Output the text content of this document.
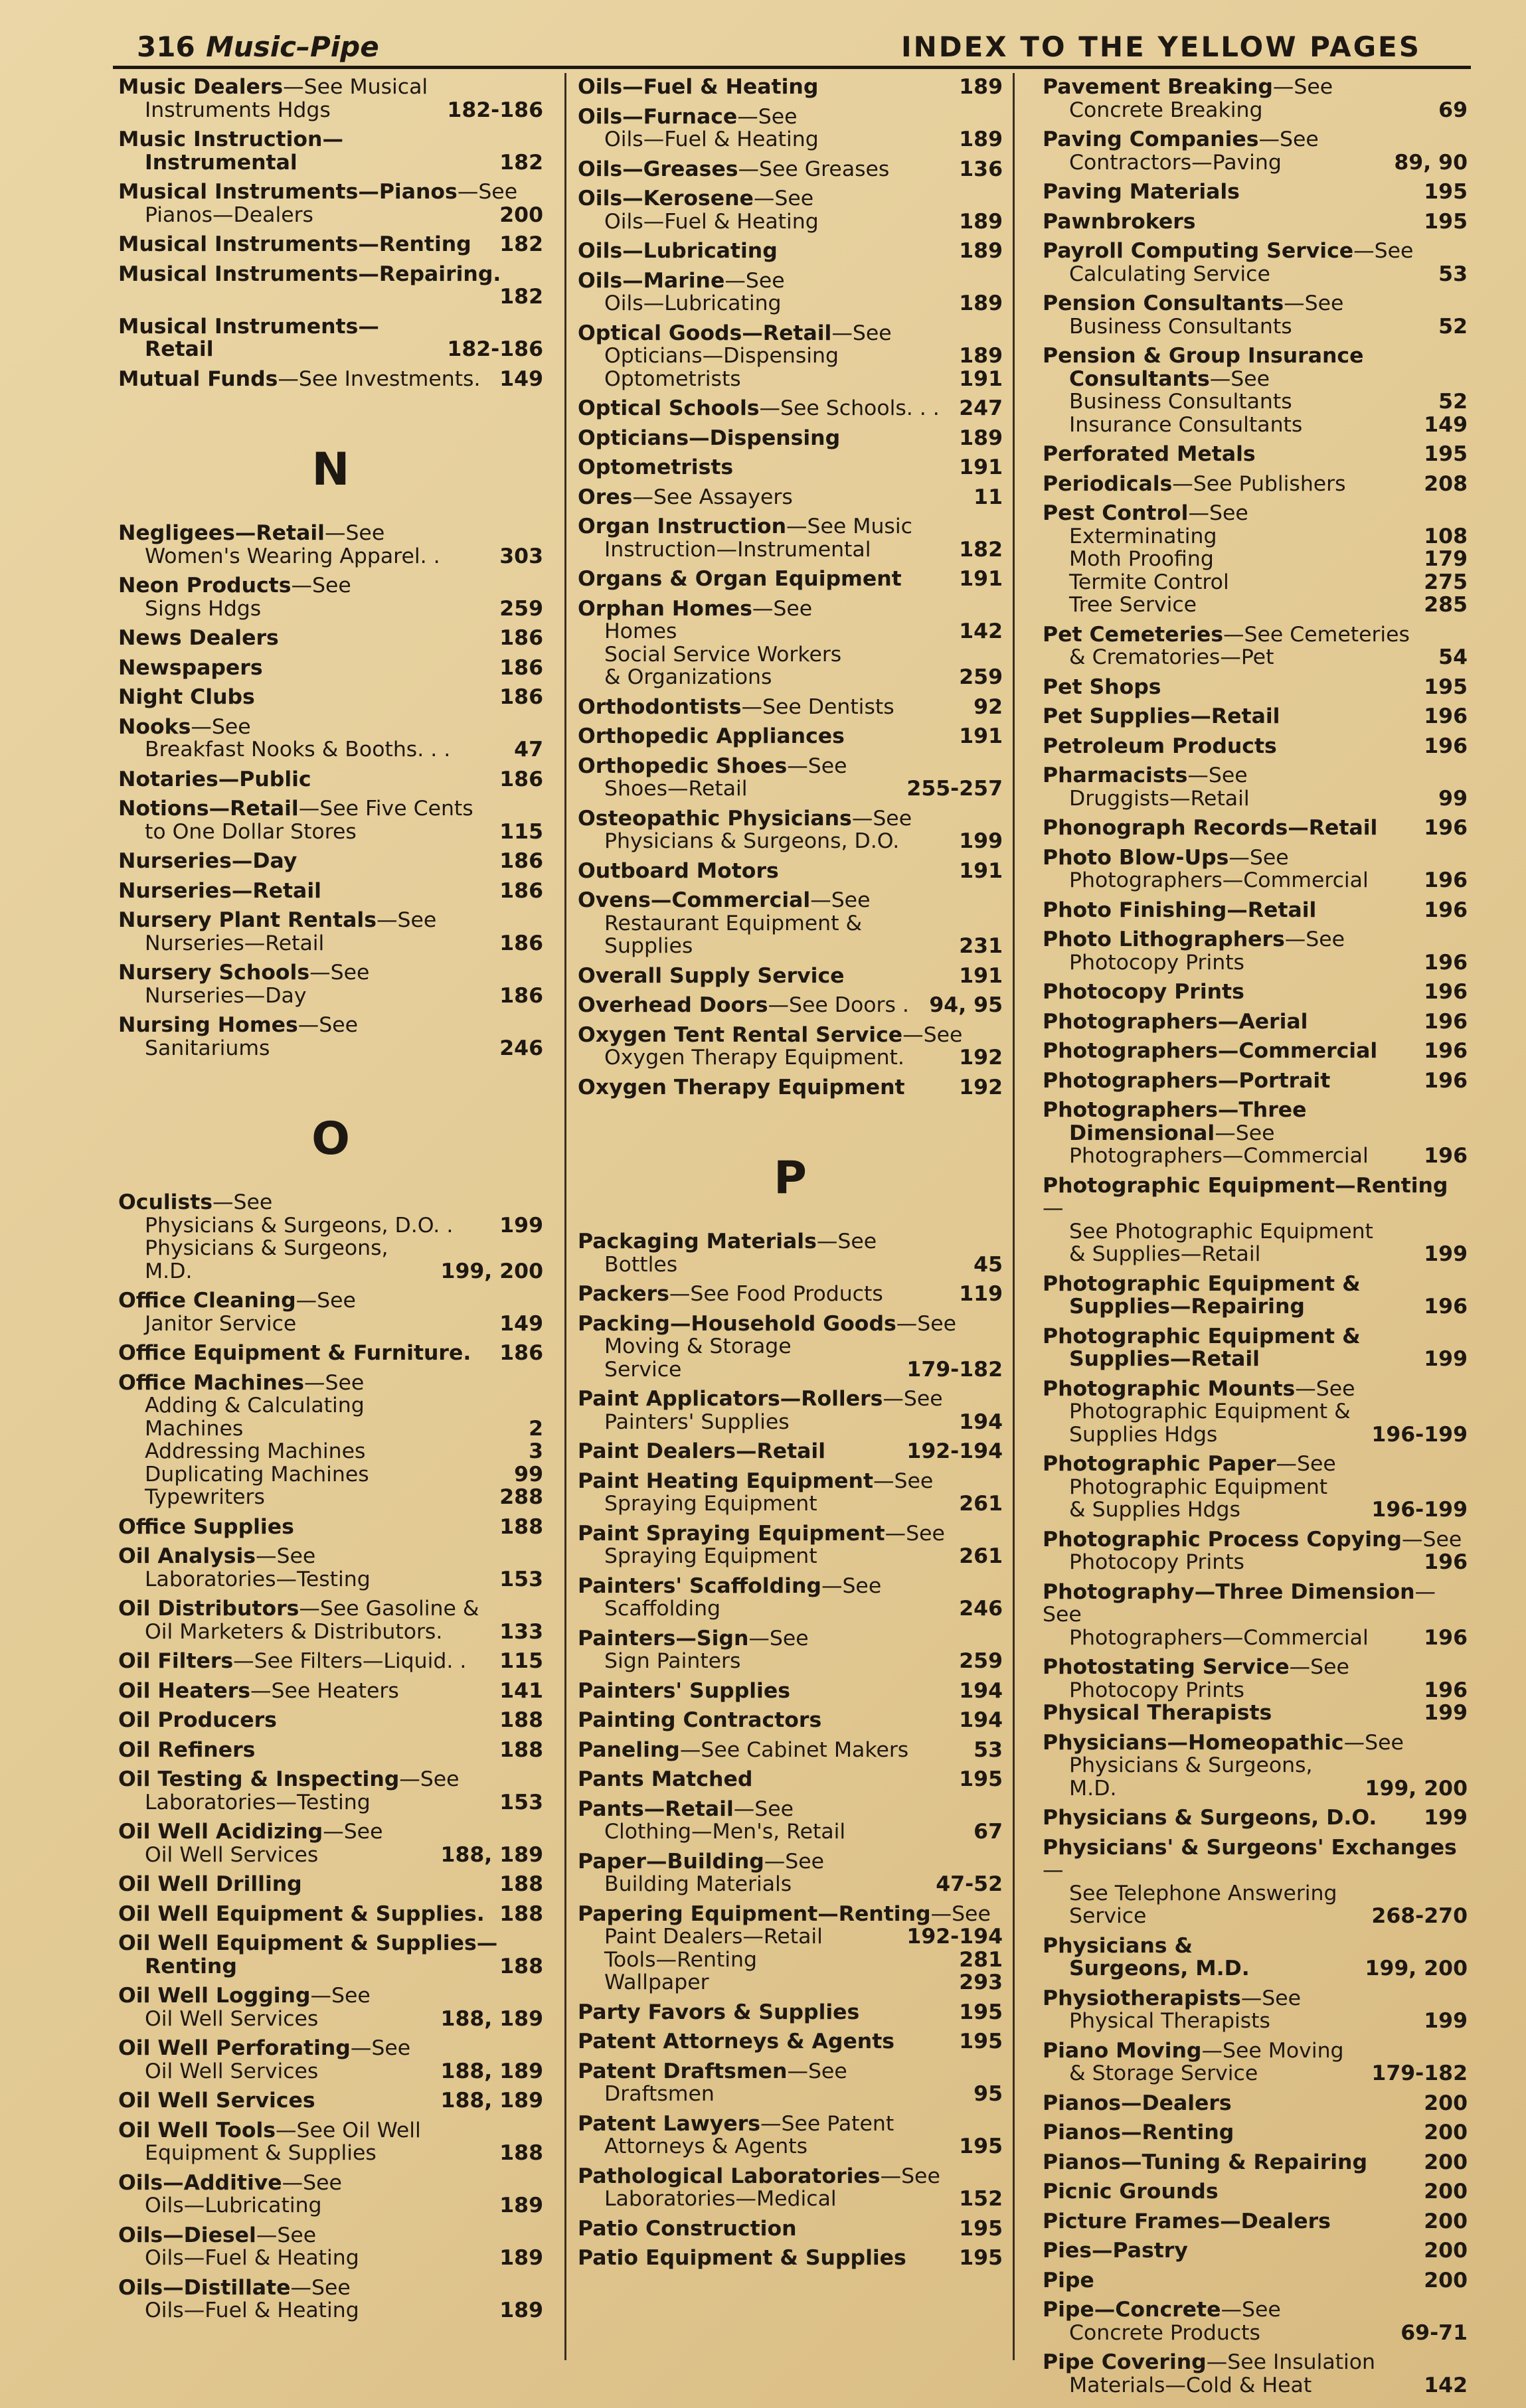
316 Music–Pipe	INDEX TO THE YELLOW PAGES
Music Dealers—See Musical
Instruments Hdgs	182-186
Music Instruction—
Instrumental	182
Musical Instruments—Pianos—See
Pianos—Dealers	200
Musical Instruments—Renting 182
Musical Instruments—Repairing.
182
Musical Instruments—
Retail	182-186
Mutual Funds—See Investments. 149
N
Negligees—Retail—See
Women's Wearing Apparel. .	303
Neon Products—See
Signs Hdgs	259
News Dealers	186
Newspapers	186
Night Clubs	186
Nooks—See
Breakfast Nooks & Booths. . .	47
Notaries—Public	186
Notions—Retail—See Five Cents
to One Dollar Stores	115
Nurseries—Day	186
Nurseries—Retail	186
Nursery Plant Rentals—See
Nurseries—Retail	186
Nursery Schools—See
Nurseries—Day	186
Nursing Homes—See
Sanitariums	246
O
Oculists—See
Physicians & Surgeons, D.O. . 199
Physicians & Surgeons,
M.D.	199, 200
Office Cleaning—See
Janitor Service	149
Office Equipment & Furniture. 186
Office Machines—See
Adding & Calculating
Machines	2
Addressing Machines	3
Duplicating Machines	99
Typewriters	288
Office Supplies	188
Oil Analysis—See
Laboratories—Testing	153
Oil Distributors—See Gasoline &
Oil Marketers & Distributors.	133
Oil Filters—See Filters—Liquid. . 115
Oil Heaters—See Heaters	141
Oil Producers	188
Oil Refiners	188
Oil Testing & Inspecting—See
Laboratories—Testing	153
Oil Well Acidizing—See
Oil Well Services	188, 189
Oil Well Drilling	188
Oil Well Equipment & Supplies. 188
Oil Well Equipment & Supplies—
Renting	188
Oil Well Logging—See
Oil Well Services	188, 189
Oil Well Perforating—See
Oil Well Services	188, 189
Oil Well Services	188, 189
Oil Well Tools—See Oil Well
Equipment & Supplies	188
Oils—Additive—See
Oils—Lubricating	189
Oils—Diesel—See
Oils—Fuel & Heating	189
Oils—Distillate—See
Oils—Fuel & Heating	189
Oils—Fuel & Heating	189
Oils—Furnace—See
Oils—Fuel & Heating	189
Oils—Greases—See Greases	136
Oils—Kerosene—See
Oils—Fuel & Heating	189
Oils—Lubricating	189
Oils—Marine—See
Oils—Lubricating	189
Optical Goods—Retail—See
Opticians—Dispensing	189
Optometrists	191
Optical Schools—See Schools. . . 247
Opticians—Dispensing	189
Optometrists	191
Ores—See Assayers	11
Organ Instruction—See Music
Instruction—Instrumental	182
Organs & Organ Equipment	191
Orphan Homes—See
Homes	142
Social Service Workers
& Organizations	259
Orthodontists—See Dentists	92
Orthopedic Appliances	191
Orthopedic Shoes—See
Shoes—Retail	255-257
Osteopathic Physicians—See
Physicians & Surgeons, D.O.	199
Outboard Motors	191
Ovens—Commercial—See
Restaurant Equipment &
Supplies	231
Overall Supply Service	191
Overhead Doors—See Doors . 94, 95
Oxygen Tent Rental Service—See
Oxygen Therapy Equipment.	192
Oxygen Therapy Equipment	192
P
Packaging Materials—See
Bottles	45
Packers—See Food Products	119
Packing—Household Goods—See
Moving & Storage
Service	179-182
Paint Applicators—Rollers—See
Painters' Supplies	194
Paint Dealers—Retail	192-194
Paint Heating Equipment—See
Spraying Equipment	261
Paint Spraying Equipment—See
Spraying Equipment	261
Painters' Scaffolding—See
Scaffolding	246
Painters—Sign—See
Sign Painters	259
Painters' Supplies	194
Painting Contractors	194
Paneling—See Cabinet Makers	53
Pants Matched	195
Pants—Retail—See
Clothing—Men's, Retail	67
Paper—Building—See
Building Materials	47-52
Papering Equipment—Renting—See
Paint Dealers—Retail	192-194
Tools—Renting	281
Wallpaper	293
Party Favors & Supplies	195
Patent Attorneys & Agents	195
Patent Draftsmen—See
Draftsmen	95
Patent Lawyers—See Patent
Attorneys & Agents	195
Pathological Laboratories—See
Laboratories—Medical	152
Patio Construction	195
Patio Equipment & Supplies	195
Pavement Breaking—See
Concrete Breaking	69
Paving Companies—See
Contractors—Paving	89, 90
Paving Materials	195
Pawnbrokers	195
Payroll Computing Service—See
Calculating Service	53
Pension Consultants—See
Business Consultants	52
Pension & Group Insurance
Consultants—See
Business Consultants	52
Insurance Consultants	149
Perforated Metals	195
Periodicals—See Publishers	208
Pest Control—See
Exterminating	108
Moth Proofing	179
Termite Control	275
Tree Service	285
Pet Cemeteries—See Cemeteries
& Crematories—Pet	54
Pet Shops	195
Pet Supplies—Retail	196
Petroleum Products	196
Pharmacists—See
Druggists—Retail	99
Phonograph Records—Retail 196
Photo Blow-Ups—See
Photographers—Commercial	196
Photo Finishing—Retail	196
Photo Lithographers—See
Photocopy Prints	196
Photocopy Prints	196
Photographers—Aerial	196
Photographers—Commercial 196
Photographers—Portrait	196
Photographers—Three
Dimensional—See
Photographers—Commercial	196
Photographic Equipment—Renting—
See Photographic Equipment
& Supplies—Retail	199
Photographic Equipment &
Supplies—Repairing	196
Photographic Equipment &
Supplies—Retail	199
Photographic Mounts—See
Photographic Equipment &
Supplies Hdgs	196-199
Photographic Paper—See
Photographic Equipment
& Supplies Hdgs	196-199
Photographic Process Copying—See
Photocopy Prints	196
Photography—Three Dimension—See
Photographers—Commercial	196
Photostating Service—See
Photocopy Prints	196
Physical Therapists	199
Physicians—Homeopathic—See
Physicians & Surgeons,
M.D.	199, 200
Physicians & Surgeons, D.O. 199
Physicians' & Surgeons' Exchanges—
See Telephone Answering
Service	268-270
Physicians &
Surgeons, M.D.	199, 200
Physiotherapists—See
Physical Therapists	199
Piano Moving—See Moving
& Storage Service	179-182
Pianos—Dealers	200
Pianos—Renting	200
Pianos—Tuning & Repairing	200
Picnic Grounds	200
Picture Frames—Dealers	200
Pies—Pastry	200
Pipe	200
Pipe—Concrete—See
Concrete Products	69-71
Pipe Covering—See Insulation
Materials—Cold & Heat	142
